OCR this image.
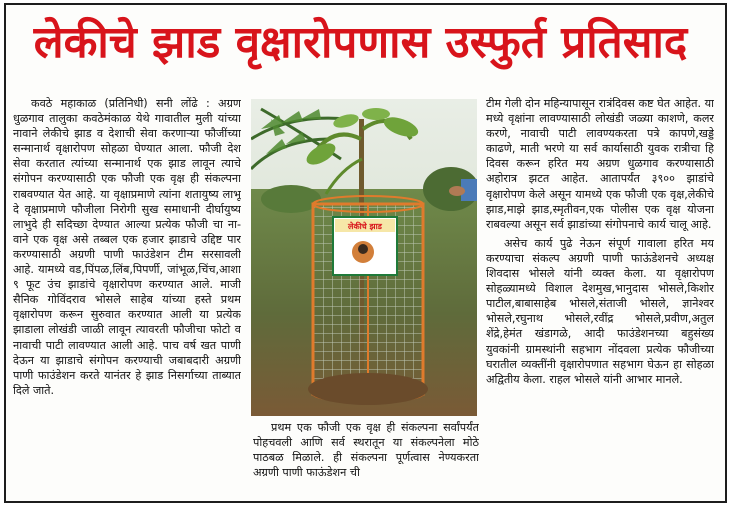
लेकीचे झाड वृक्षारोपणास उस्फुर्त प्रतिसाद

कवठे महाकाळ (प्रतिनिधी) सनी लोंढे : अग्रण धुळगाव तालुका कवठेमंकाळ येथे गावातील मुली यांच्या नावाने लेकीचे झाड व देशाची सेवा करणाऱ्या फौजींच्या सन्मानार्थ वृक्षारोपण सोहळा घेण्यात आला. फौजी देश सेवा करतात त्यांच्या सन्मानार्थ एक झाड लावून त्याचे संगोपन करण्यासाठी एक फौजी एक वृक्ष ही संकल्पना राबवण्यात येत आहे. या वृक्षाप्रमाणे त्यांना शतायुष्य लाभू दे वृक्षाप्रमाणे फौजीला निरोगी सुख समाधानी दीर्घायुष्य लाभुदे ही सदिच्छा देण्यात आल्या प्रत्येक फौजी चा ना- वाने एक वृक्ष असे तब्बल एक हजार झाडाचे उद्दिष्ट पार करण्यासाठी अग्रणी पाणी फाउंडेशन टीम सरसावली आहे. यामध्ये वड,पिंपळ,लिंब,पिपर्णी, जांभूळ,चिंच,आशा ९ फूट उंच झाडांचे वृक्षारोपण करण्यात आले. माजी सैनिक गोविंदराव भोसले साहेब यांच्या हस्ते प्रथम वृक्षारोपण करून सुरुवात करण्यात आली या प्रत्येक झाडाला लोखंडी जाळी लावून त्यावरती फौजीचा फोटो व नावाची पाटी लावण्यात आली आहे. पाच वर्ष खत पाणी देऊन या झाडाचे संगोपन करण्याची जबाबदारी अग्रणी पाणी फाउंडेशन करते यानंतर हे झाड निसर्गाच्या ताब्यात दिले जाते.

लेकीचे झाड

प्रथम एक फौजी एक वृक्ष ही संकल्पना सर्वांपर्यंत पोहचवली आणि सर्व स्थरातून या संकल्पनेला मोठे पाठबळ मिळाले. ही संकल्पना पूर्णत्वास नेण्यकरता अग्रणी पाणी फाऊंडेशन ची

टीम गेली दोन महिन्यापासून रात्रंदिवस कष्ट घेत आहेत. या मध्ये वृक्षांना लावण्यासाठी लोखंडी जळ्या काशणे, कलर करणे, नावाची पाटी लावण्यकरता पत्रे कापणे,खड्डे काढणे, माती भरणे या सर्व कार्यासाठी युवक रात्रीचा हि दिवस करून हरित मय अग्रण धुळगाव करण्यासाठी अहोरात्र झटत आहेत. आतापर्यंत ३९०० झाडांचे वृक्षारोपण केले असून यामध्ये एक फौजी एक वृक्ष,लेकीचे झाड,माझे झाड,स्मृतीवन,एक पोलीस एक वृक्ष योजना राबवल्या असून सर्व झाडांच्या संगोपनाचे कार्य चालू आहे.

असेच कार्य पुढे नेऊन संपूर्ण गावाला हरित मय करण्याचा संकल्प अग्रणी पाणी फाऊंडेशनचे अध्यक्ष शिवदास भोसले यांनी व्यक्त केला. या वृक्षारोपण सोहळ्यामध्ये विशाल देशमुख,भानुदास भोसले,किशोर पाटील,बाबासाहेब भोसले,संताजी भोसले, ज्ञानेश्वर भोसले,रघुनाथ भोसले,रवींद्र भोसले,प्रवीण,अतुल शेंद्रे,हेमंत खंडागळे, आदी फाउंडेशनच्या बहुसंख्य युवकांनी ग्रामस्थांनी सहभाग नोंदवला प्रत्येक फौजीच्या घरातील व्यक्तींनी वृक्षारोपणात सहभाग घेऊन हा सोहळा अद्वितीय केला. राहल भोसले यांनी आभार मानले.
